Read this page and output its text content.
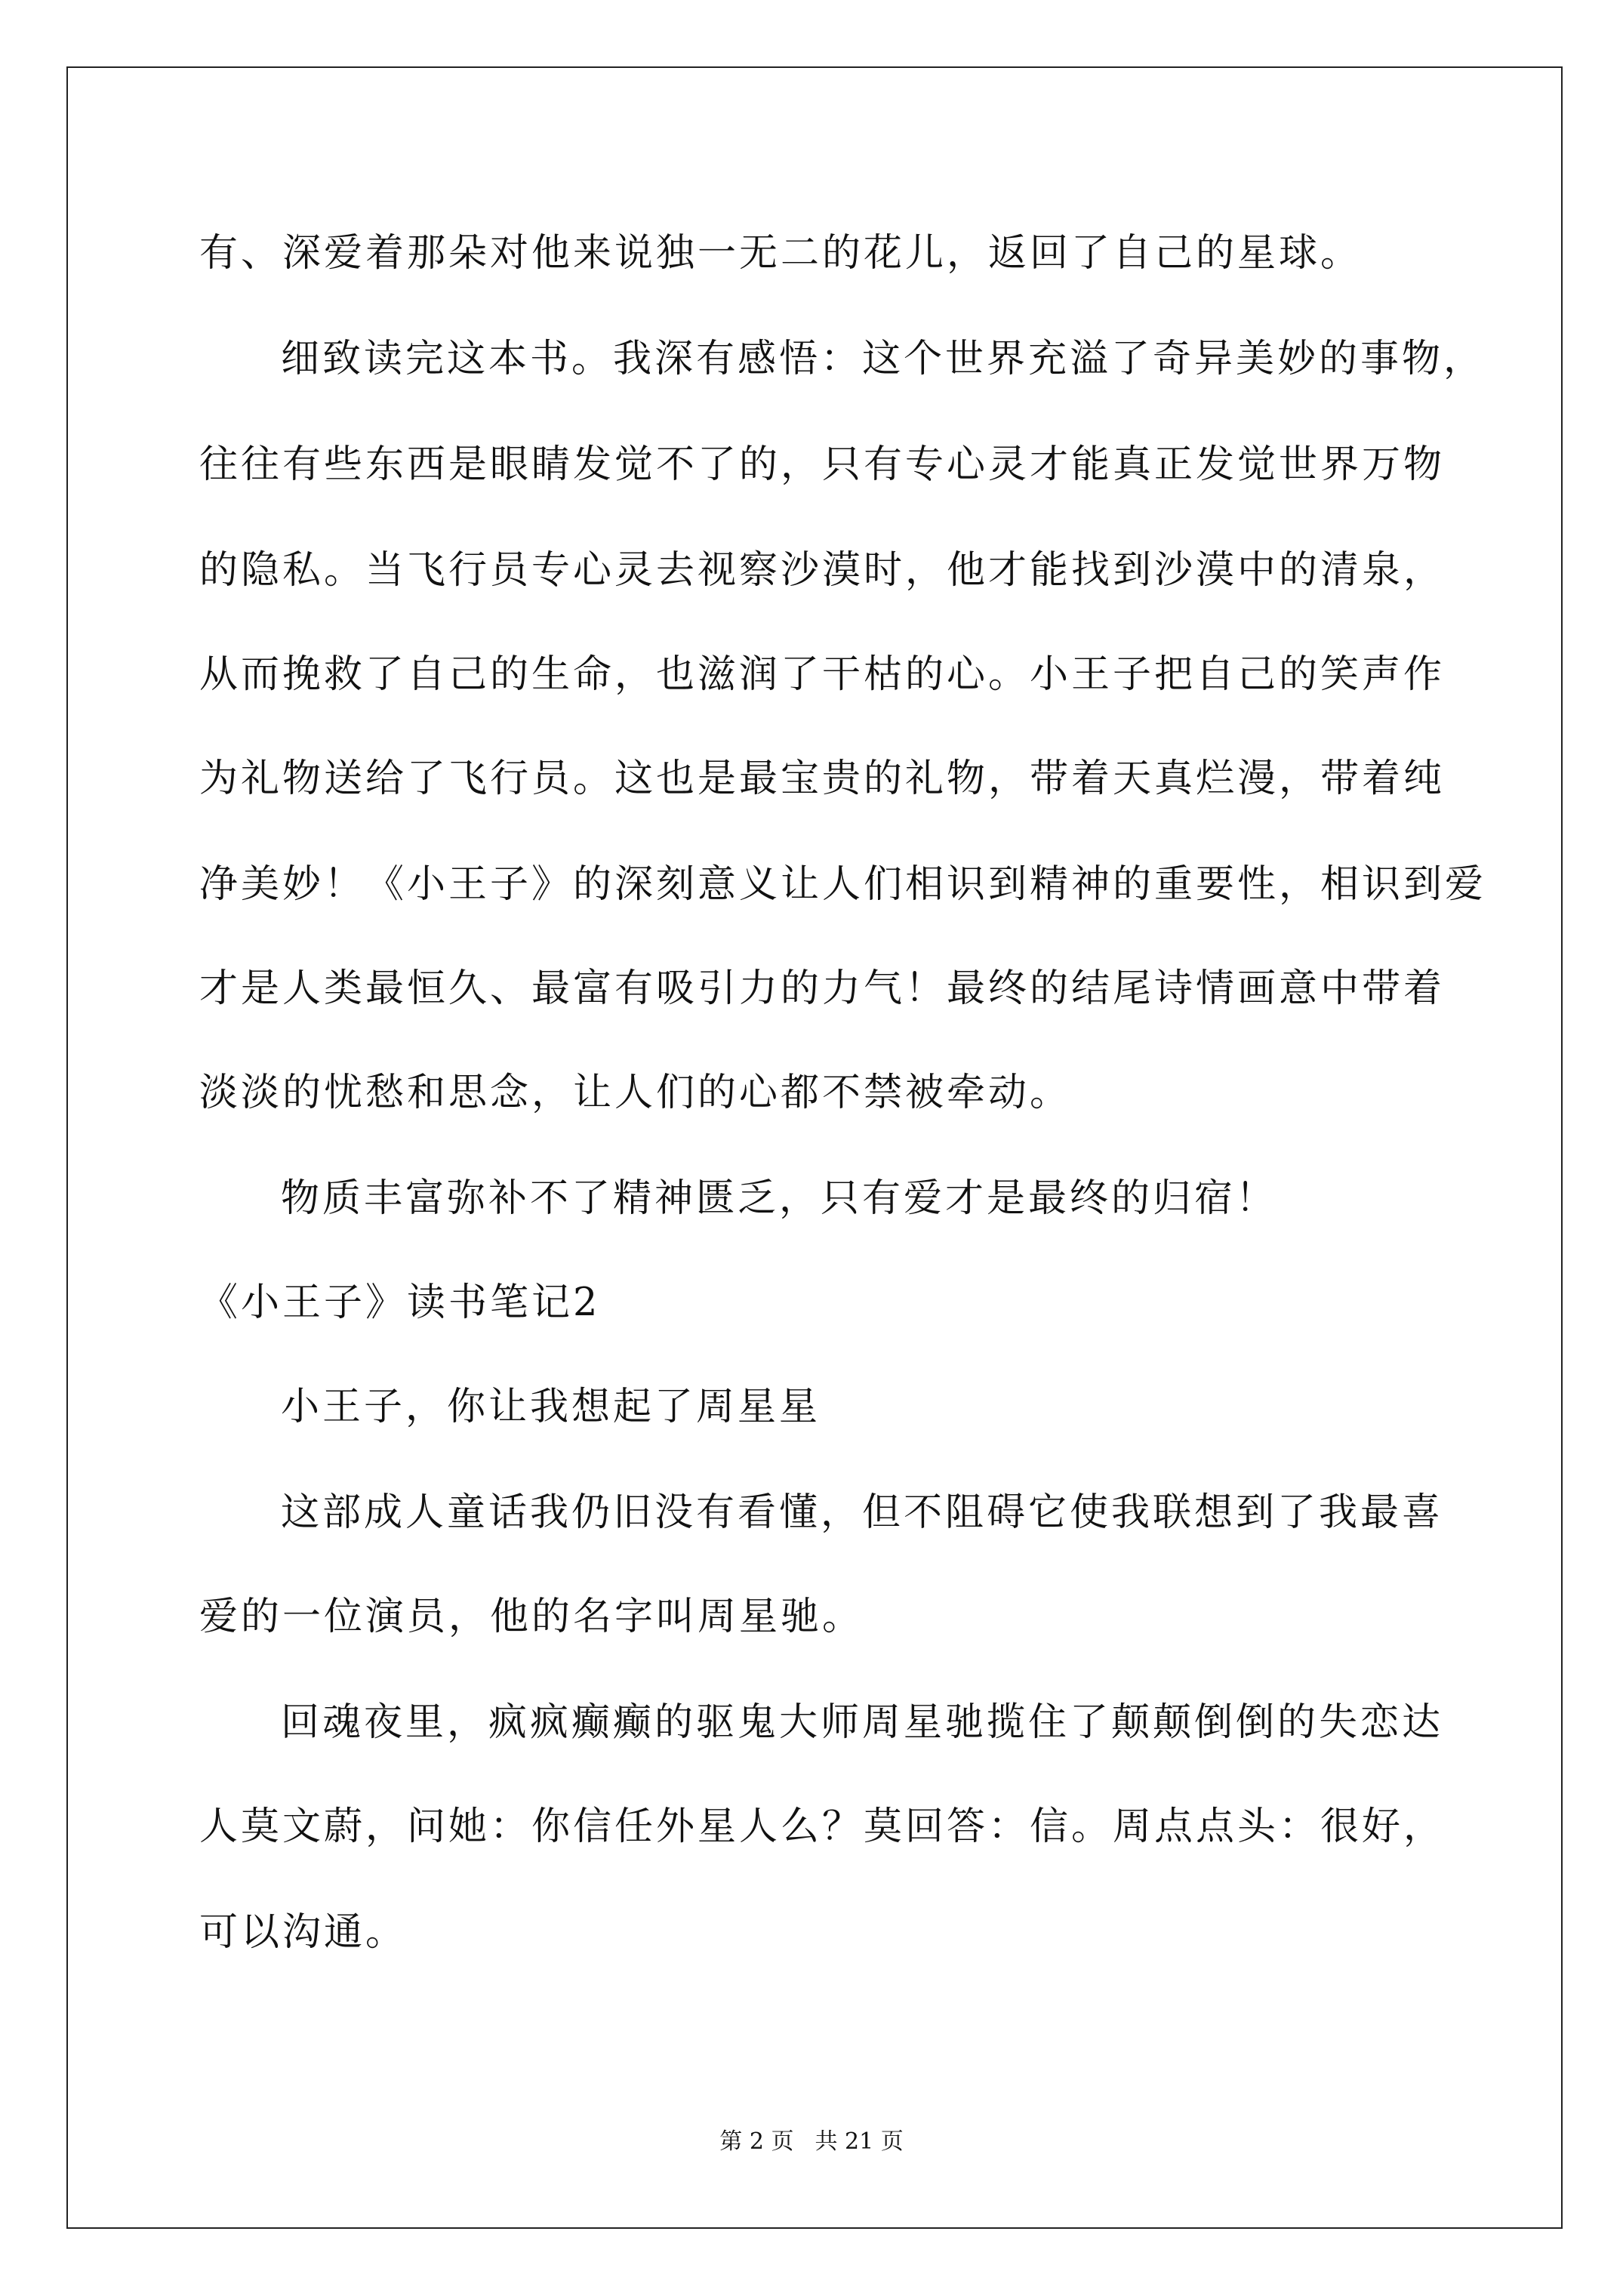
有、深爱着那朵对他来说独一无二的花儿，返回了自己的星球。
细致读完这本书。我深有感悟：这个世界充溢了奇异美妙的事物，
往往有些东西是眼睛发觉不了的，只有专心灵才能真正发觉世界万物
的隐私。当飞行员专心灵去视察沙漠时，他才能找到沙漠中的清泉，
从而挽救了自己的生命，也滋润了干枯的心。小王子把自己的笑声作
为礼物送给了飞行员。这也是最宝贵的礼物，带着天真烂漫，带着纯
净美妙！《小王子》的深刻意义让人们相识到精神的重要性，相识到爱
才是人类最恒久、最富有吸引力的力气！最终的结尾诗情画意中带着
淡淡的忧愁和思念，让人们的心都不禁被牵动。
物质丰富弥补不了精神匮乏，只有爱才是最终的归宿！
《小王子》读书笔记2
小王子，你让我想起了周星星
这部成人童话我仍旧没有看懂，但不阻碍它使我联想到了我最喜
爱的一位演员，他的名字叫周星驰。
回魂夜里，疯疯癫癫的驱鬼大师周星驰揽住了颠颠倒倒的失恋达
人莫文蔚，问她：你信任外星人么？莫回答：信。周点点头：很好，
可以沟通。
第 2 页 共 21 页
